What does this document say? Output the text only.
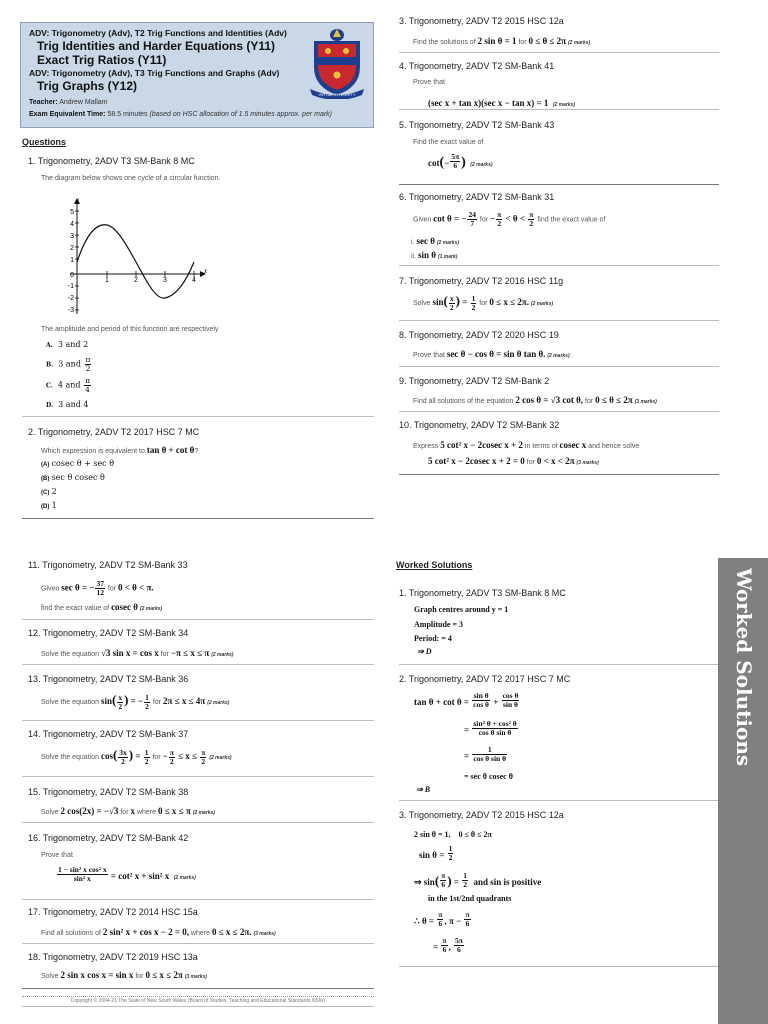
ADV: Trigonometry (Adv), T2 Trig Functions and Identities (Adv)
Trig Identities and Harder Equations (Y11)
Exact Trig Ratios (Y11)
ADV: Trigonometry (Adv), T3 Trig Functions and Graphs (Adv)
Trig Graphs (Y12)
Teacher: Andrew Mallam
Exam Equivalent Time: 58.5 minutes (based on HSC allocation of 1.5 minutes approx. per mark)
VIRTUE INTEGRITY
Questions
1. Trigonometry, 2ADV T3 SM-Bank 8 MC
The diagram below shows one cycle of a circular function.
y
x
5
4
3
2
1
0
-1
-2
-3
1	2	3	4
The amplitude and period of this function are respectively
A. 3 and 2
B. 3 and $\frac{\pi}{2}$
C. 4 and $\frac{\pi}{4}$
D. 3 and 4
2. Trigonometry, 2ADV T2 2017 HSC 7 MC
Which expression is equivalent to tan θ + cot θ?
(A) cosec θ + sec θ
(B) sec θ cosec θ
(C) 2
(D) 1
3. Trigonometry, 2ADV T2 2015 HSC 12a
Find the solutions of 2 sin θ = 1 for 0 ≤ θ ≤ 2π (2 marks)
4. Trigonometry, 2ADV T2 SM-Bank 41
Prove that
(sec x + tan x)(sec x − tan x) = 1 (2 marks)
5. Trigonometry, 2ADV T2 SM-Bank 43
Find the exact value of
$\cot(- \frac{5\pi}{6}$ ) (2 marks)
6. Trigonometry, 2ADV T2 SM-Bank 31
Given cot θ = − $\frac{24}{7}$ for − $\frac{\pi}{2} < \theta < \frac{\pi}{2}$ find the exact value of
i. sec θ (2 marks)
ii. sin θ (1 mark)
7. Trigonometry, 2ADV T2 2016 HSC 11g
Solve $\sin( \frac{x}{2}$ ) = $\frac{1}{2}$ for 0 ≤ x ≤ 2π. (2 marks)
8. Trigonometry, 2ADV T2 2020 HSC 19
Prove that sec θ − cos θ = sin θ tan θ. (2 marks)
9. Trigonometry, 2ADV T2 SM-Bank 2
Find all solutions of the equation 2 cos θ = √3 cot θ, for 0 ≤ θ ≤ 2π (3 marks)
10. Trigonometry, 2ADV T2 SM-Bank 32
Express 5 cot² x − 2cosec x + 2 in terms of cosec x and hence solve
5 cot² x − 2cosec x + 2 = 0 for 0 < x < 2π (3 marks)
11. Trigonometry, 2ADV T2 SM-Bank 33
Given sec θ = − $\frac{37}{12}$ for 0 < θ < π.
find the exact value of cosec θ (2 marks)
12. Trigonometry, 2ADV T2 SM-Bank 34
Solve the equation √3 sin x = cos x for −π ≤ x ≤ π (2 marks)
13. Trigonometry, 2ADV T2 SM-Bank 36
Solve the equation $\sin( \frac{x}{2}$ ) = − $\frac{1}{2}$ for 2π ≤ x ≤ 4π (2 marks)
14. Trigonometry, 2ADV T2 SM-Bank 37
Solve the equation $\cos( \frac{3x}{2}$ ) = $\frac{1}{2}$ for − $\frac{\pi}{2} \le x \le \frac{\pi}{2} (2$ marks)
15. Trigonometry, 2ADV T2 SM-Bank 38
Solve 2 cos(2x) = −√3 for x where 0 ≤ x ≤ π (2 marks)
16. Trigonometry, 2ADV T2 SM-Bank 42
Prove that
$\frac{\text{1 − sin² x cos² x}}{\text{sin² x}} = \cot^2$ x + sin² x (2 marks)
17. Trigonometry, 2ADV T2 2014 HSC 15a
Find all solutions of 2 sin² x + cos x − 2 = 0, where 0 ≤ x ≤ 2π. (3 marks)
18. Trigonometry, 2ADV T2 2019 HSC 13a
Solve 2 sin x cos x = sin x for 0 ≤ x ≤ 2π (3 marks)
Copyright © 2004-21 The State of New South Wales (Board of Studies, Teaching and Educational Standards NSW)
Worked Solutions
1. Trigonometry, 2ADV T3 SM-Bank 8 MC
Graph centres around y = 1
Amplitude = 3
Period: = 4
⇒ D
2. Trigonometry, 2ADV T2 2017 HSC 7 MC
$\tan \theta + \cot \theta = \frac{\text{sin θ}}{\text{cos θ}} + \frac{\text{cos θ}}{\text{sin θ}}$
= $\frac{\text{sin² θ + cos² θ}}{\text{cos θ sin θ}}$
= $\frac{1}{\text{cos θ sin θ}}$
= sec θ cosec θ
⇒ B
3. Trigonometry, 2ADV T2 2015 HSC 12a
2 sin θ = 1,    0 ≤ θ ≤ 2π
$\sin \theta = \frac{1}{2}$
⇒ $\sin( \frac{\pi}{6}$ ) = $\frac{1}{2}$ and sin is positive
in the 1st/2nd quadrants
∴ $\theta = \frac{\pi}{6}$ , $\pi - \frac{\pi}{6}$
= $\frac{\pi}{6}$ , $\frac{5\pi}{6}$
Worked Solutions
